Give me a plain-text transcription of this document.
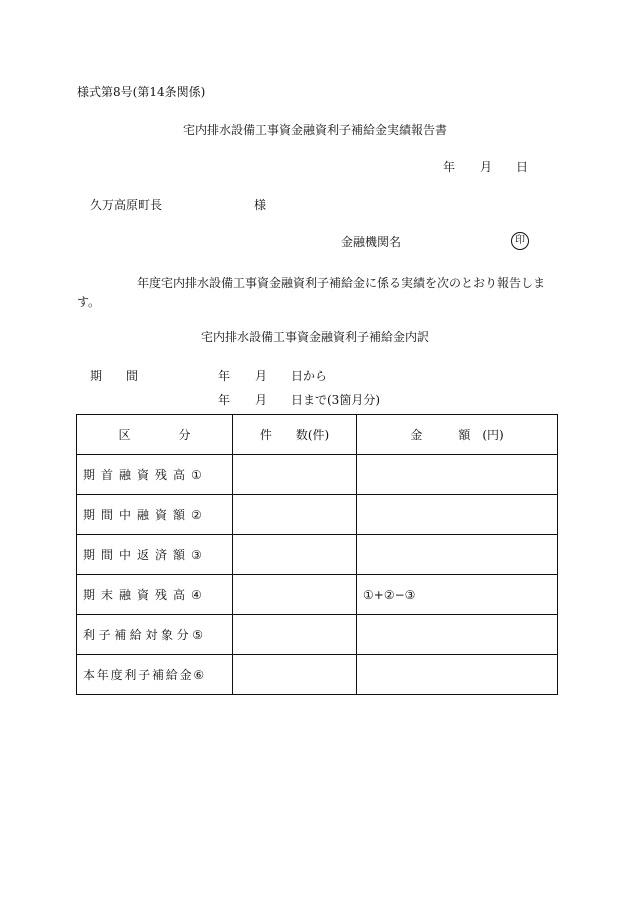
様式第8号(第14条関係)
宅内排水設備工事資金融資利子補給金実績報告書
年 月 日
久万高原町長	様
金融機関名	印
年度宅内排水設備工事資金融資利子補給金に係る実績を次のとおり報告します。
宅内排水設備工事資金融資利子補給金内訳
期間	年 月 日から
年 月 日まで(3箇月分)
区　　　　分	件　　数(件)	金　　　額　(円)
期首融資残高①		
期間中融資額②		
期間中返済額③		
期末融資残高④		①+②−③
利子補給対象分⑤		
本年度利子補給金⑥		
